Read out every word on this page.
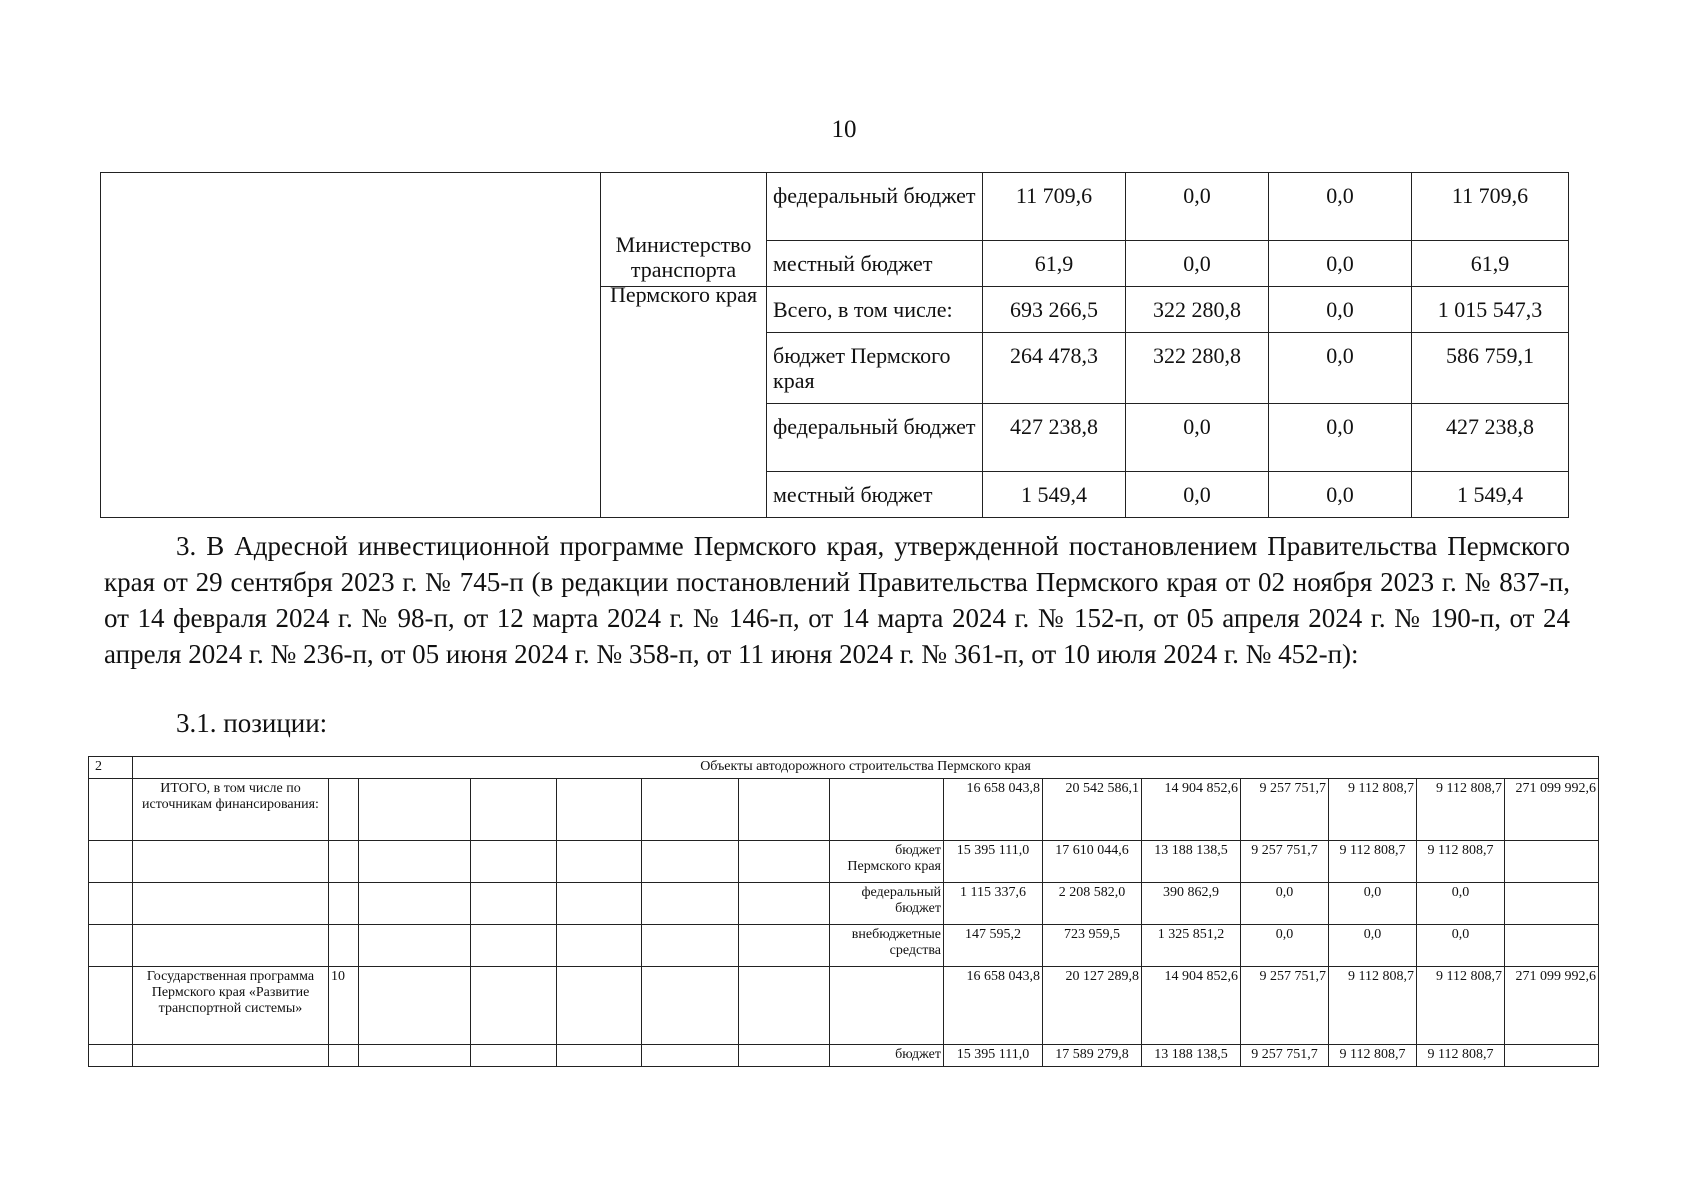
10
		федеральный бюджет	11 709,6	0,0	0,0	11 709,6
		местный бюджет	61,9	0,0	0,0	61,9

	Министерство транспорта Пермского края	Всего, в том числе:	693 266,5	322 280,8	0,0	1 015 547,3
		бюджет Пермского края	264 478,3	322 280,8	0,0	586 759,1
		федеральный бюджет	427 238,8	0,0	0,0	427 238,8
		местный бюджет	1 549,4	0,0	0,0	1 549,4

3. В Адресной инвестиционной программе Пермского края, утвержденной постановлением Правительства Пермского края от 29 сентября 2023 г. № 745-п (в редакции постановлений Правительства Пермского края от 02 ноября 2023 г. № 837-п, от 14 февраля 2024 г. № 98-п, от 12 марта 2024 г. № 146-п, от 14 марта 2024 г. № 152-п, от 05 апреля 2024 г. № 190-п, от 24 апреля 2024 г. № 236-п, от 05 июня 2024 г. № 358-п, от 11 июня 2024 г. № 361-п, от 10 июля 2024 г. № 452-п):

3.1. позиции:

2	Объекты автодорожного строительства Пермского края														
	ИТОГО, в том числе по источникам финансирования:								16 658 043,8	20 542 586,1	14 904 852,6	9 257 751,7	9 112 808,7	9 112 808,7	271 099 992,6
								бюджет Пермского края	15 395 111,0	17 610 044,6	13 188 138,5	9 257 751,7	9 112 808,7	9 112 808,7	
								федеральный бюджет	1 115 337,6	2 208 582,0	390 862,9	0,0	0,0	0,0	
								внебюджетные средства	147 595,2	723 959,5	1 325 851,2	0,0	0,0	0,0	
	Государственная программа Пермского края «Развитие транспортной системы»	10							16 658 043,8	20 127 289,8	14 904 852,6	9 257 751,7	9 112 808,7	9 112 808,7	271 099 992,6
								бюджет	15 395 111,0	17 589 279,8	13 188 138,5	9 257 751,7	9 112 808,7	9 112 808,7	
